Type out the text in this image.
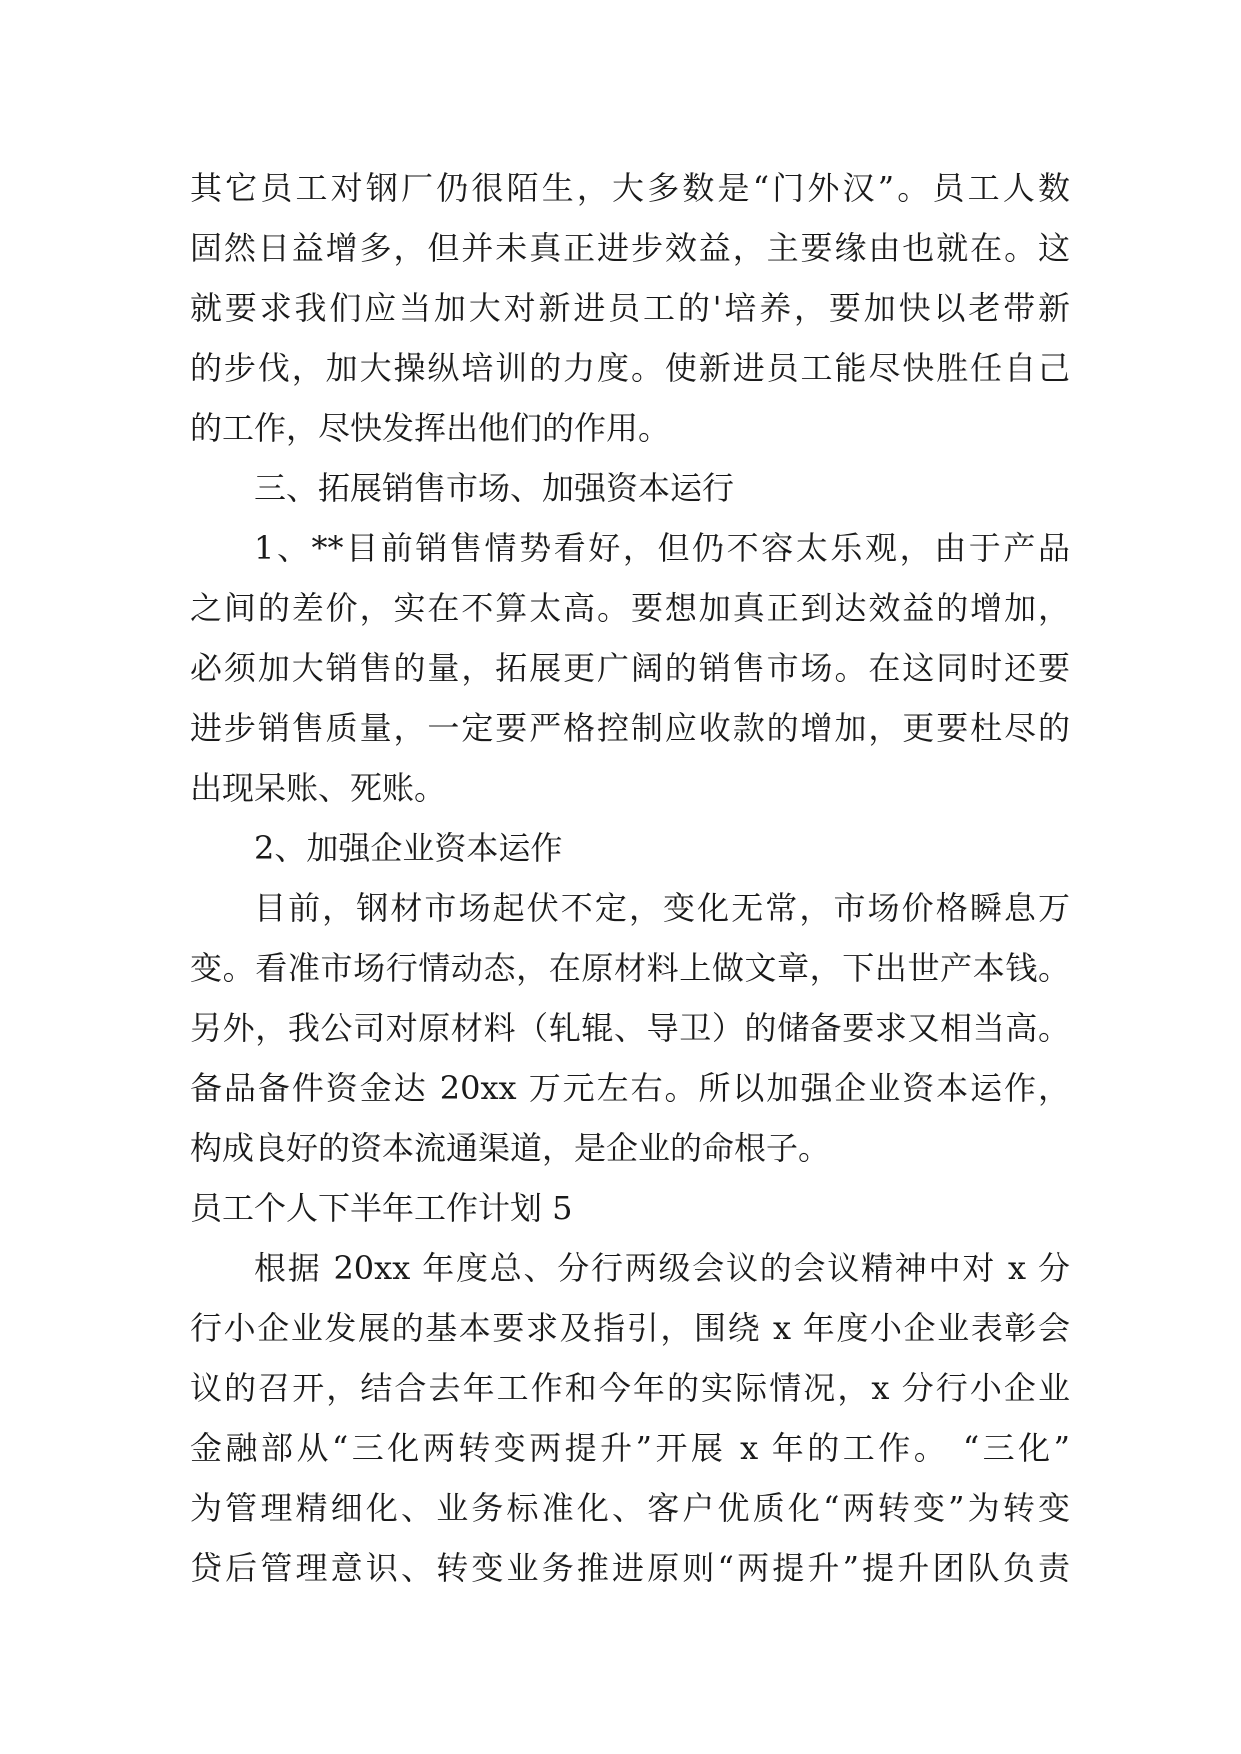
其它员工对钢厂仍很陌生，大多数是“门外汉”。员工人数
固然日益增多，但并未真正进步效益，主要缘由也就在。这
就要求我们应当加大对新进员工的'培养，要加快以老带新
的步伐，加大操纵培训的力度。使新进员工能尽快胜任自己
的工作，尽快发挥出他们的作用。
三、拓展销售市场、加强资本运行
1、**目前销售情势看好，但仍不容太乐观，由于产品
之间的差价，实在不算太高。要想加真正到达效益的增加，
必须加大销售的量，拓展更广阔的销售市场。在这同时还要
进步销售质量，一定要严格控制应收款的增加，更要杜尽的
出现呆账、死账。
2、加强企业资本运作
目前，钢材市场起伏不定，变化无常，市场价格瞬息万
变。看准市场行情动态，在原材料上做文章，下出世产本钱。
另外，我公司对原材料（轧辊、导卫）的储备要求又相当高。
备品备件资金达 20xx 万元左右。所以加强企业资本运作，
构成良好的资本流通渠道，是企业的命根子。
员工个人下半年工作计划 5
根据 20xx 年度总、分行两级会议的会议精神中对 x 分
行小企业发展的基本要求及指引，围绕 x 年度小企业表彰会
议的召开，结合去年工作和今年的实际情况，x 分行小企业
金融部从“三化两转变两提升”开展 x 年的工作。 “三化”
为管理精细化、业务标准化、客户优质化“两转变”为转变
贷后管理意识、转变业务推进原则“两提升”提升团队负责
